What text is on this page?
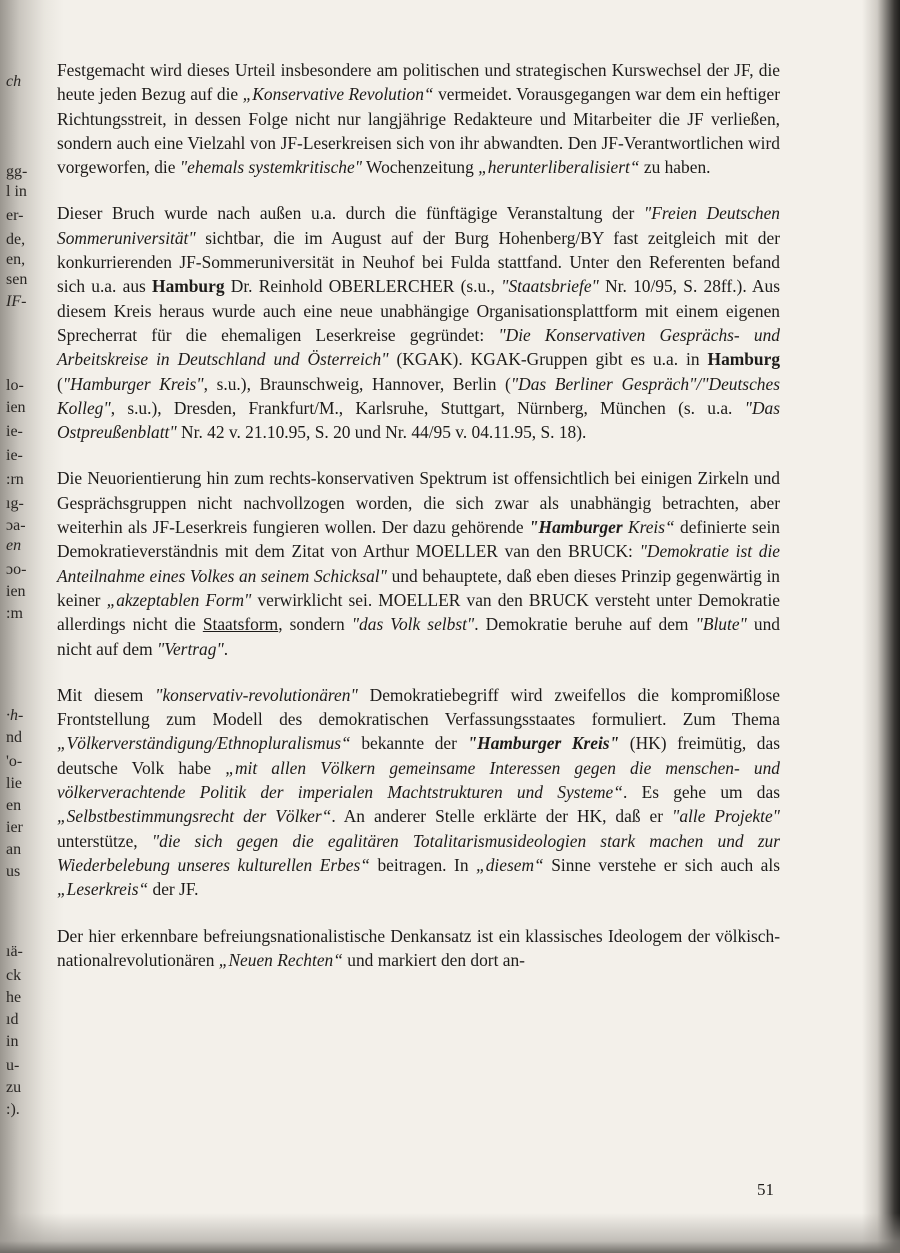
ch
gg-
l in
er-
de,
en,
sen
IF-
lo-
ien
ie-
ie-
:rn
ıg-
ɔa-
en
ɔo-
ien
:m
·h-
nd
'o-
lie
en
ier
an
us
ıä-
ck
he
ıd
in
u-
zu
:).

Festgemacht wird dieses Urteil insbesondere am politischen und strategischen Kurswechsel der JF, die heute jeden Bezug auf die „Konservative Revolution“ vermeidet. Vorausgegangen war dem ein heftiger Richtungsstreit, in dessen Folge nicht nur langjährige Redakteure und Mitarbeiter die JF verließen, sondern auch eine Vielzahl von JF-Leserkreisen sich von ihr abwandten. Den JF-Verantwortlichen wird vorgeworfen, die "ehemals systemkritische" Wochenzeitung „herunterliberalisiert“ zu haben.

Dieser Bruch wurde nach außen u.a. durch die fünftägige Veranstaltung der "Freien Deutschen Sommeruniversität" sichtbar, die im August auf der Burg Hohenberg/BY fast zeitgleich mit der konkurrierenden JF-Sommeruniversität in Neuhof bei Fulda stattfand. Unter den Referenten befand sich u.a. aus Hamburg Dr. Reinhold OBERLERCHER (s.u., "Staatsbriefe" Nr. 10/95, S. 28ff.). Aus diesem Kreis heraus wurde auch eine neue unabhängige Organisationsplattform mit einem eigenen Sprecherrat für die ehemaligen Leserkreise gegründet: "Die Konservativen Gesprächs- und Arbeitskreise in Deutschland und Österreich" (KGAK). KGAK-Gruppen gibt es u.a. in Hamburg ("Hamburger Kreis", s.u.), Braunschweig, Hannover, Berlin ("Das Berliner Gespräch"/"Deutsches Kolleg", s.u.), Dresden, Frankfurt/M., Karlsruhe, Stuttgart, Nürnberg, München (s. u.a. "Das Ostpreußenblatt" Nr. 42 v. 21.10.95, S. 20 und Nr. 44/95 v. 04.11.95, S. 18).

Die Neuorientierung hin zum rechts-konservativen Spektrum ist offensichtlich bei einigen Zirkeln und Gesprächsgruppen nicht nachvollzogen worden, die sich zwar als unabhängig betrachten, aber weiterhin als JF-Leserkreis fungieren wollen. Der dazu gehörende "Hamburger Kreis“ definierte sein Demokratieverständnis mit dem Zitat von Arthur MOELLER van den BRUCK: "Demokratie ist die Anteilnahme eines Volkes an seinem Schicksal" und behauptete, daß eben dieses Prinzip gegenwärtig in keiner „akzeptablen Form" verwirklicht sei. MOELLER van den BRUCK versteht unter Demokratie allerdings nicht die Staatsform, sondern "das Volk selbst". Demokratie beruhe auf dem "Blute" und nicht auf dem "Vertrag".

Mit diesem "konservativ-revolutionären" Demokratiebegriff wird zweifellos die kompromißlose Frontstellung zum Modell des demokratischen Verfassungsstaates formuliert. Zum Thema „Völkerverständigung/Ethnopluralismus“ bekannte der "Hamburger Kreis" (HK) freimütig, das deutsche Volk habe „mit allen Völkern gemeinsame Interessen gegen die menschen- und völkerverachtende Politik der imperialen Machtstrukturen und Systeme“. Es gehe um das „Selbstbestimmungsrecht der Völker“. An anderer Stelle erklärte der HK, daß er "alle Projekte" unterstütze, "die sich gegen die egalitären Totalitarismusideologien stark machen und zur Wiederbelebung unseres kulturellen Erbes“ beitragen. In „diesem“ Sinne verstehe er sich auch als „Leserkreis“ der JF.

Der hier erkennbare befreiungsnationalistische Denkansatz ist ein klassisches Ideologem der völkisch-nationalrevolutionären „Neuen Rechten“ und markiert den dort an-

51
